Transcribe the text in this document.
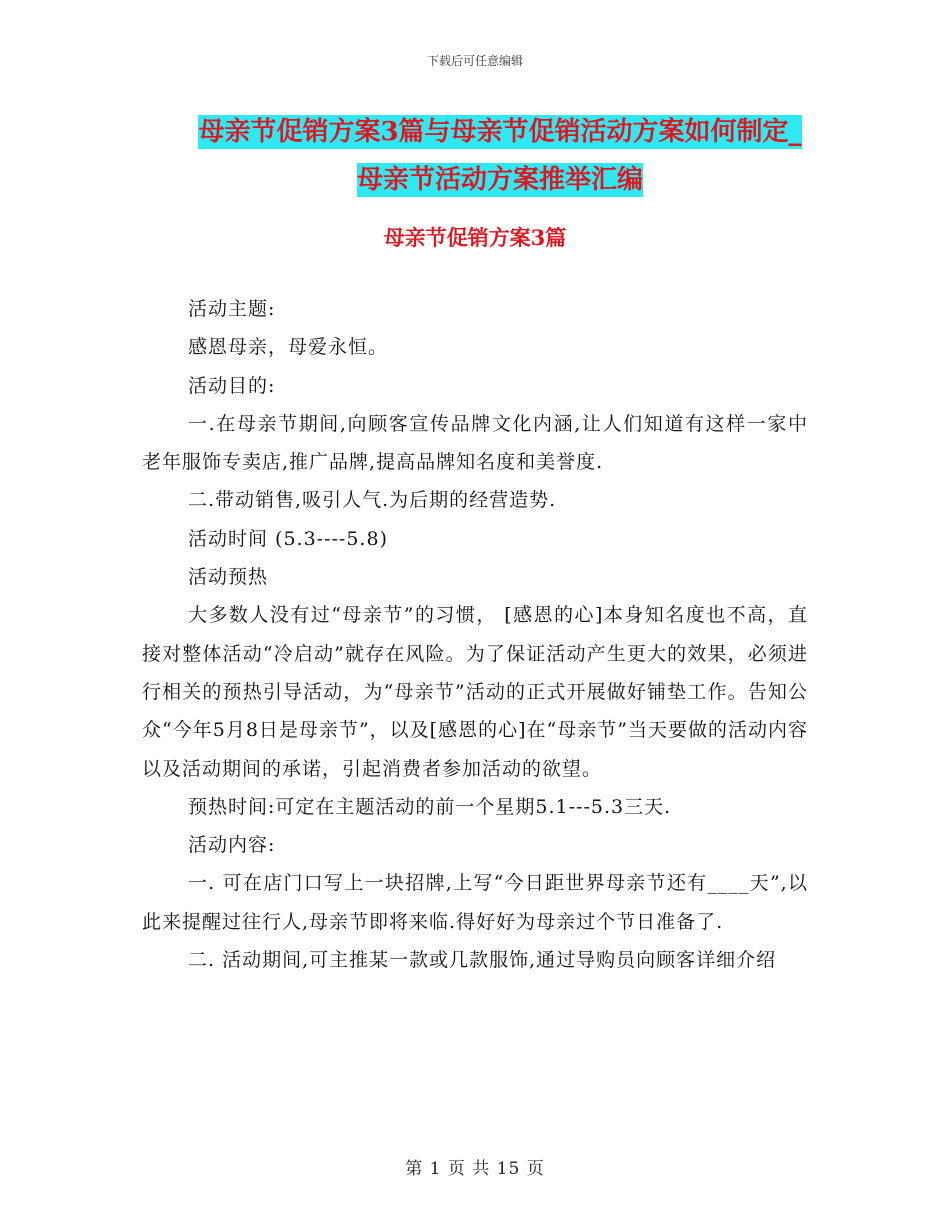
下载后可任意编辑
母亲节促销方案3篇与母亲节促销活动方案如何制定_
母亲节活动方案推举汇编
母亲节促销方案3篇

活动主题:

感恩母亲，母爱永恒。

活动目的:

一.在母亲节期间,向顾客宣传品牌文化内涵,让人们知道有这样一家中老年服饰专卖店,推广品牌,提高品牌知名度和美誉度.

二.带动销售,吸引人气.为后期的经营造势.

活动时间 (5.3----5.8)

活动预热

大多数人没有过“母亲节”的习惯， [感恩的心]本身知名度也不高，直接对整体活动“冷启动”就存在风险。为了保证活动产生更大的效果，必须进行相关的预热引导活动，为“母亲节”活动的正式开展做好铺垫工作。告知公众“今年5月8日是母亲节”，以及[感恩的心]在“母亲节”当天要做的活动内容以及活动期间的承诺，引起消费者参加活动的欲望。

预热时间:可定在主题活动的前一个星期5.1---5.3三天.

活动内容:

一. 可在店门口写上一块招牌,上写“今日距世界母亲节还有____天”,以此来提醒过往行人,母亲节即将来临.得好好为母亲过个节日准备了.

二. 活动期间,可主推某一款或几款服饰,通过导购员向顾客详细介绍

第 1 页 共 15 页
